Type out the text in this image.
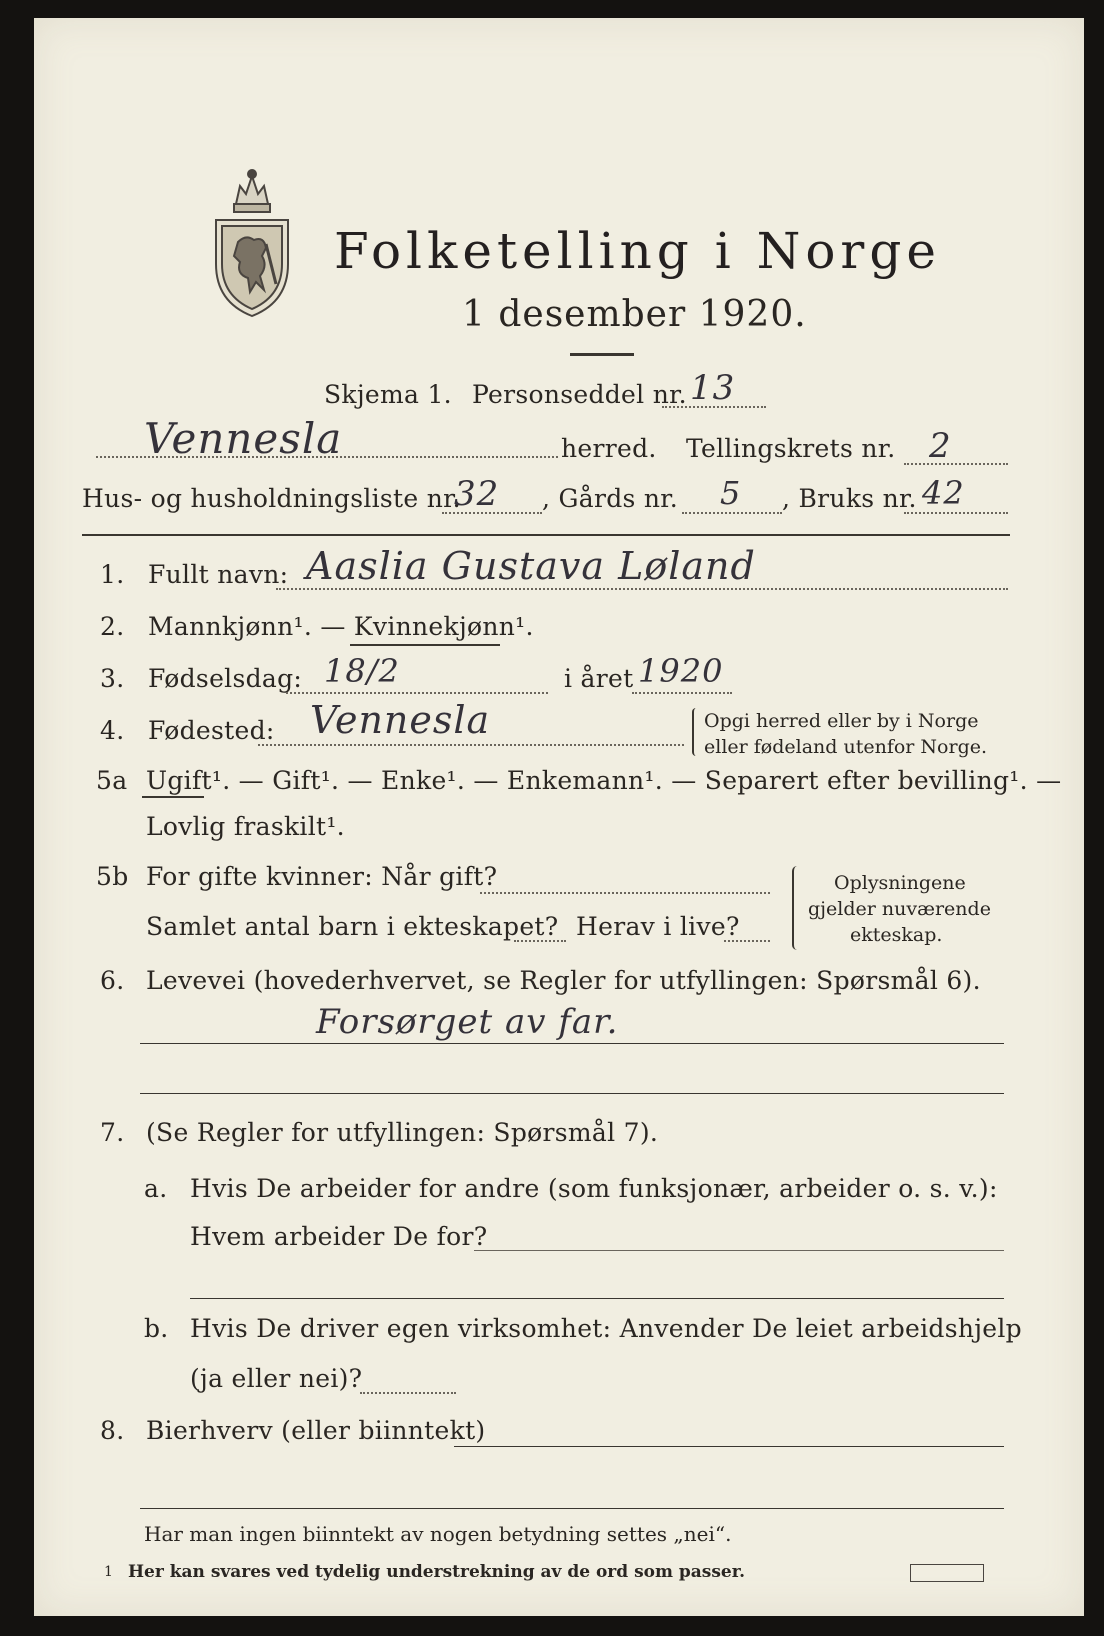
Folketelling i Norge
1 desember 1920.
Skjema 1. Personseddel nr. 13
Vennesla	herred. Tellingskrets nr. 2
Hus- og husholdningsliste nr.
32 , Gårds nr. 5 , Bruks nr. 42
1. Fullt navn: Aaslia Gustava Løland
2. Mannkjønn¹. — Kvinnekjønn¹.
3. Fødselsdag: 18/2	i året 1920
4. Fødested: Vennesla	Opgi herred eller by i Norge
eller fødeland utenfor Norge.
5a Ugift¹. — Gift¹. — Enke¹. — Enkemann¹. — Separert efter bevilling¹. —
Lovlig fraskilt¹.
5b For gifte kvinner: Når gift?
Samlet antal barn i ekteskapet? Herav i live?
Oplysningene
gjelder nuværende
ekteskap.
6. Levevei (hovederhvervet, se Regler for utfyllingen: Spørsmål 6).
Forsørget av far.
7. (Se Regler for utfyllingen: Spørsmål 7).
a. Hvis De arbeider for andre (som funksjonær, arbeider o. s. v.):
Hvem arbeider De for?
b. Hvis De driver egen virksomhet: Anvender De leiet arbeidshjelp
(ja eller nei)?
8. Bierhverv (eller biinntekt)
Har man ingen biinntekt av nogen betydning settes „nei“.
1 Her kan svares ved tydelig understrekning av de ord som passer.
